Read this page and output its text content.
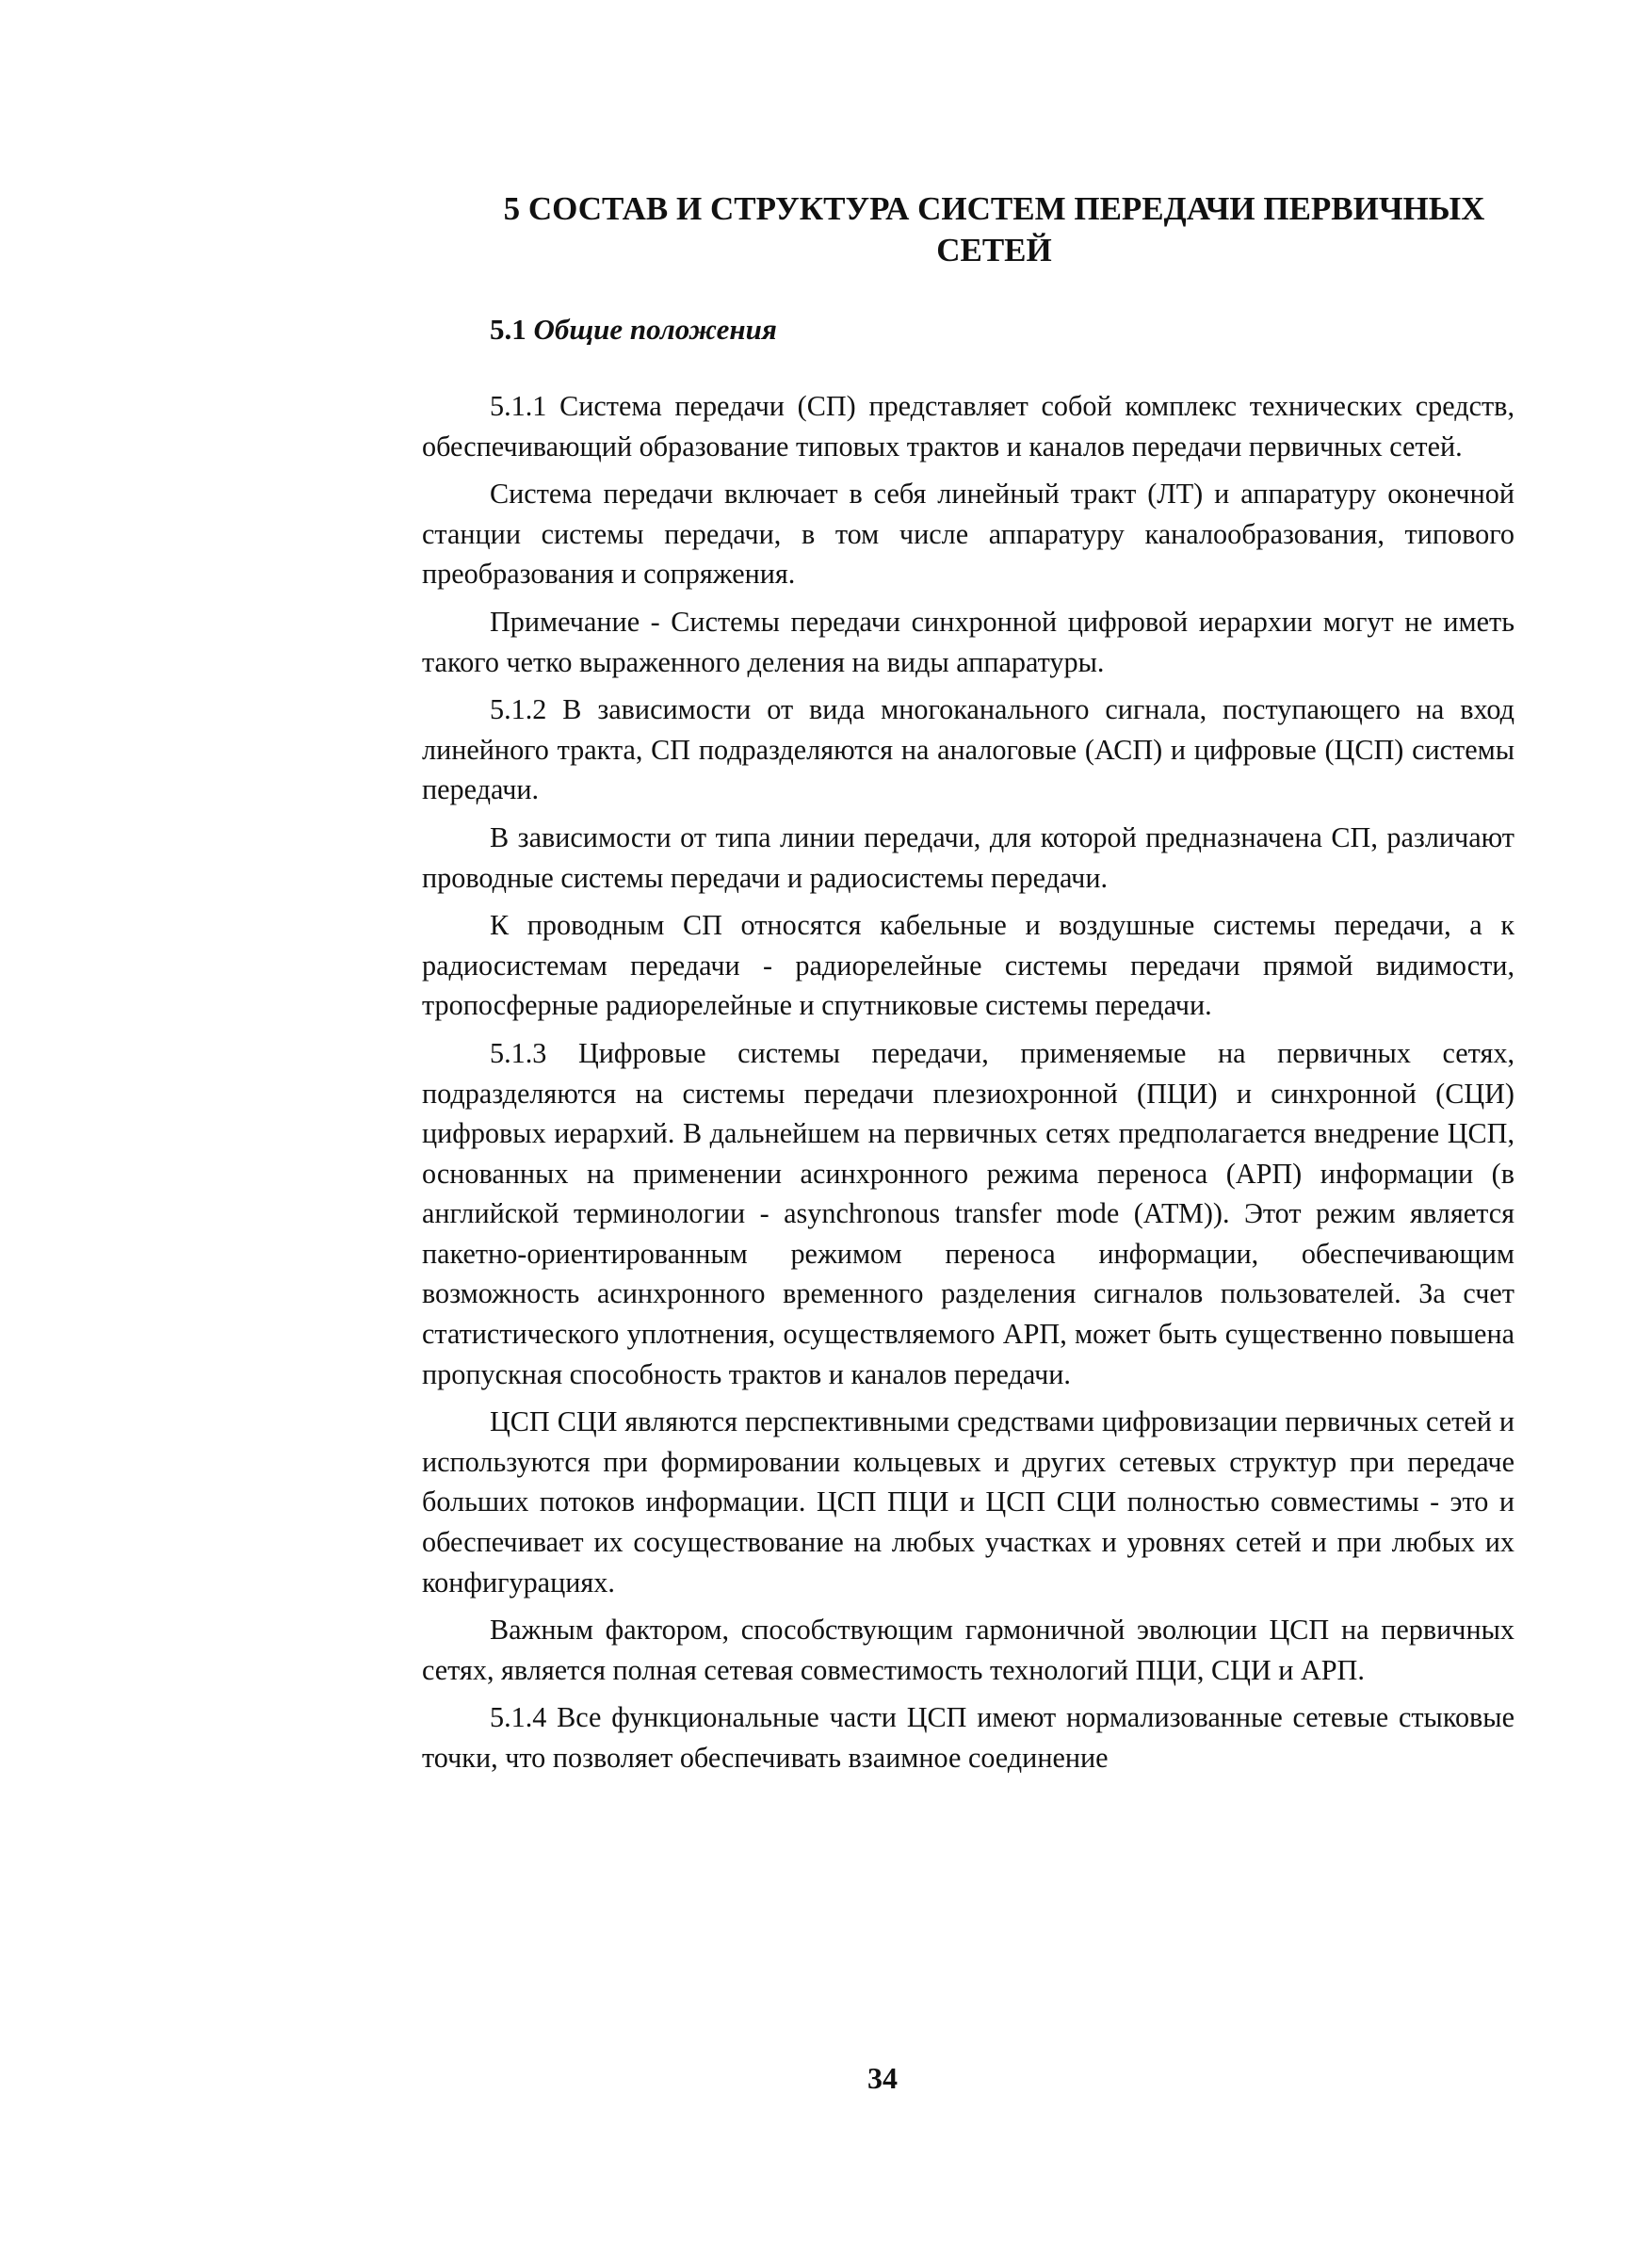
5 СОСТАВ И СТРУКТУРА СИСТЕМ ПЕРЕДАЧИ ПЕРВИЧНЫХ
СЕТЕЙ
5.1 Общие положения

5.1.1 Система передачи (СП) представляет собой комплекс технических средств, обеспечивающий образование типовых трактов и каналов передачи первичных сетей.

Система передачи включает в себя линейный тракт (ЛТ) и аппаратуру оконечной станции системы передачи, в том числе аппаратуру каналообразования, типового преобразования и сопряжения.

Примечание - Системы передачи синхронной цифровой иерархии могут не иметь такого четко выраженного деления на виды аппаратуры.

5.1.2 В зависимости от вида многоканального сигнала, поступающего на вход линейного тракта, СП подразделяются на аналоговые (АСП) и цифровые (ЦСП) системы передачи.

В зависимости от типа линии передачи, для которой предназначена СП, различают проводные системы передачи и радиосистемы передачи.

К проводным СП относятся кабельные и воздушные системы передачи, а к радиосистемам передачи - радиорелейные системы передачи прямой видимости, тропосферные радиорелейные и спутниковые системы передачи.

5.1.3 Цифровые системы передачи, применяемые на первичных сетях, подразделяются на системы передачи плезиохронной (ПЦИ) и синхронной (СЦИ) цифровых иерархий. В дальнейшем на первичных сетях предполагается внедрение ЦСП, основанных на применении асинхронного режима переноса (АРП) информации (в английской терминологии - asynchronous transfer mode (АТМ)). Этот режим является пакетно-ориентированным режимом переноса информации, обеспечивающим возможность асинхронного временного разделения сигналов пользователей. За счет статистического уплотнения, осуществляемого АРП, может быть существенно повышена пропускная способность трактов и каналов передачи.

ЦСП СЦИ являются перспективными средствами цифровизации первичных сетей и используются при формировании кольцевых и других сетевых структур при передаче больших потоков информации. ЦСП ПЦИ и ЦСП СЦИ полностью совместимы - это и обеспечивает их сосуществование на любых участках и уровнях сетей и при любых их конфигурациях.

Важным фактором, способствующим гармоничной эволюции ЦСП на первичных сетях, является полная сетевая совместимость технологий ПЦИ, СЦИ и АРП.

5.1.4 Все функциональные части ЦСП имеют нормализованные сетевые стыковые точки, что позволяет обеспечивать взаимное соединение

34
